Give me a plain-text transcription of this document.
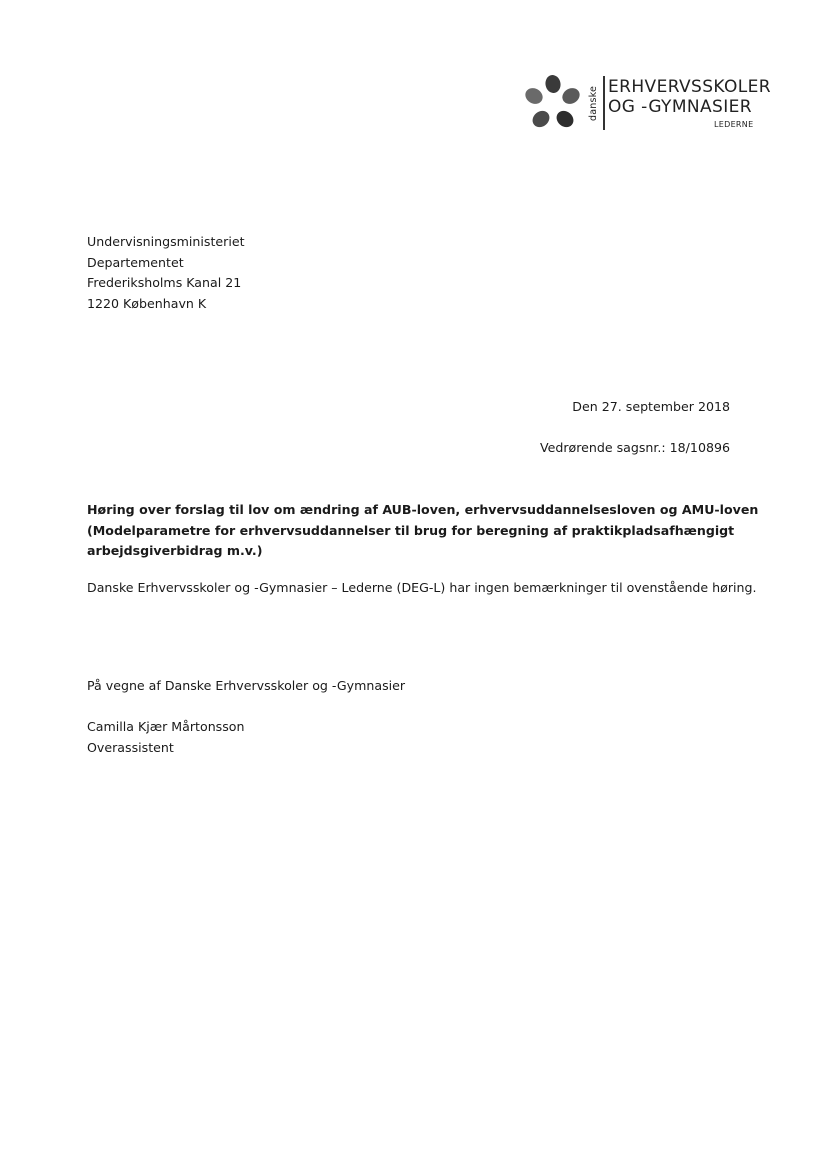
danske ERHVERVSSKOLER
OG -GYMNASIER
LEDERNE
Undervisningsministeriet
Departementet
Frederiksholms Kanal 21
1220 København K
Den 27. september 2018
Vedrørende sagsnr.: 18/10896
Høring over forslag til lov om ændring af AUB-loven, erhvervsuddannelsesloven og AMU-loven
(Modelparametre for erhvervsuddannelser til brug for beregning af praktikpladsafhængigt
arbejdsgiverbidrag m.v.)
Danske Erhvervsskoler og -Gymnasier – Lederne (DEG-L) har ingen bemærkninger til ovenstående høring.
På vegne af Danske Erhvervsskoler og -Gymnasier
Camilla Kjær Mårtonsson
Overassistent
